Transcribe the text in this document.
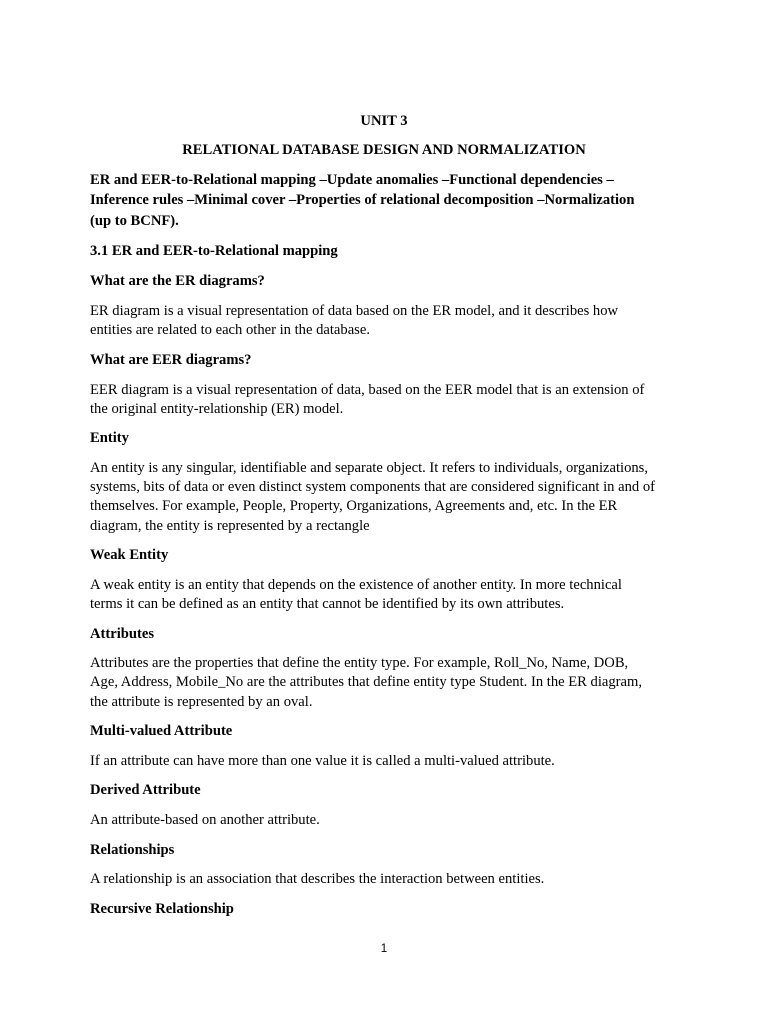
UNIT 3

RELATIONAL DATABASE DESIGN AND NORMALIZATION

ER and EER-to-Relational mapping –Update anomalies –Functional dependencies –

Inference rules –Minimal cover –Properties of relational decomposition –Normalization

(up to BCNF).

3.1 ER and EER-to-Relational mapping

What are the ER diagrams?

ER diagram is a visual representation of data based on the ER model, and it describes how

entities are related to each other in the database.

What are EER diagrams?

EER diagram is a visual representation of data, based on the EER model that is an extension of

the original entity-relationship (ER) model.

Entity

An entity is any singular, identifiable and separate object. It refers to individuals, organizations,

systems, bits of data or even distinct system components that are considered significant in and of

themselves. For example, People, Property, Organizations, Agreements and, etc. In the ER

diagram, the entity is represented by a rectangle

Weak Entity

A weak entity is an entity that depends on the existence of another entity. In more technical

terms it can be defined as an entity that cannot be identified by its own attributes.

Attributes

Attributes are the properties that define the entity type. For example, Roll_No, Name, DOB,

Age, Address, Mobile_No are the attributes that define entity type Student. In the ER diagram,

the attribute is represented by an oval.

Multi-valued Attribute

If an attribute can have more than one value it is called a multi-valued attribute.

Derived Attribute

An attribute-based on another attribute.

Relationships

A relationship is an association that describes the interaction between entities.

Recursive Relationship

1
